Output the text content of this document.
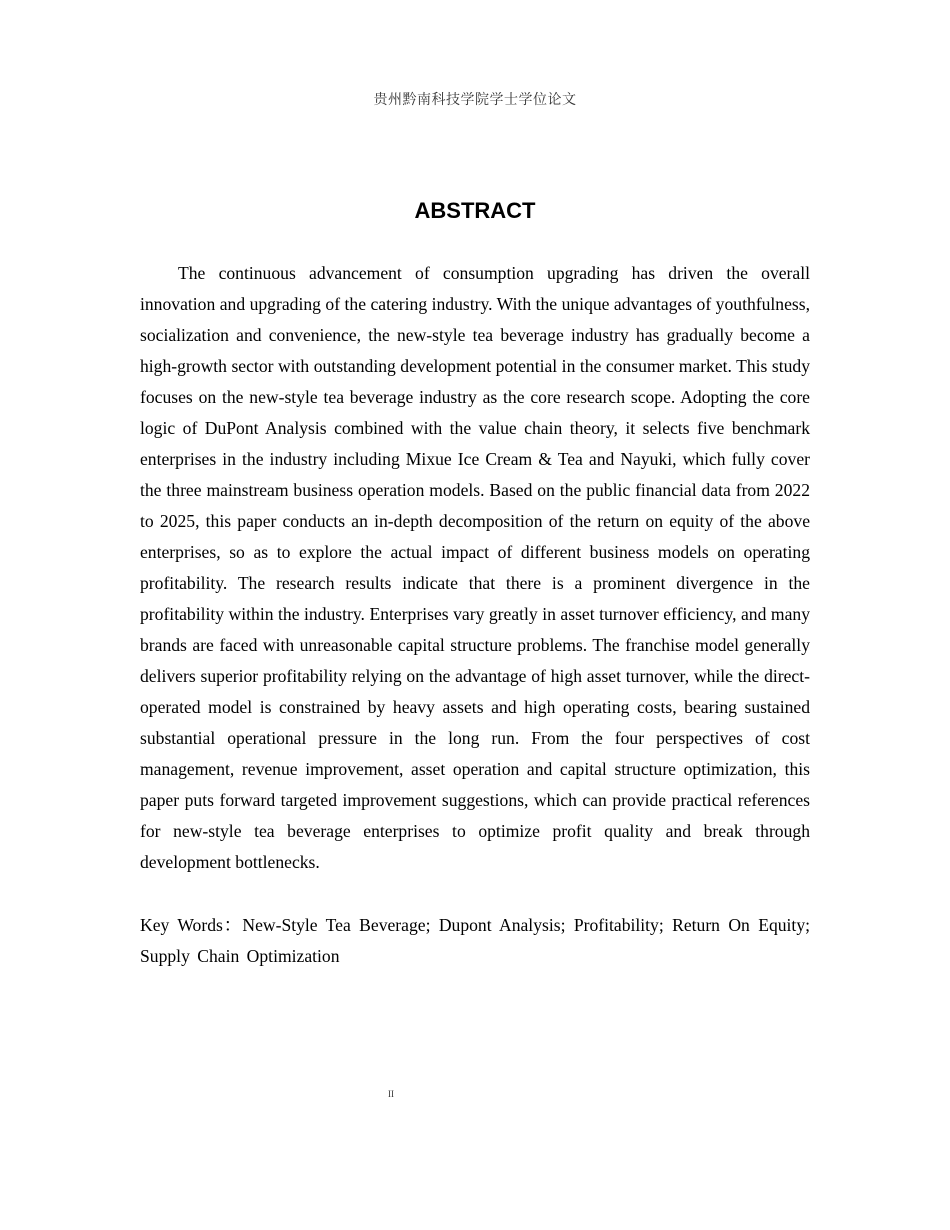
贵州黔南科技学院学士学位论文
ABSTRACT

The continuous advancement of consumption upgrading has driven the overall innovation and upgrading of the catering industry. With the unique advantages of youthfulness, socialization and convenience, the new-style tea beverage industry has gradually become a high-growth sector with outstanding development potential in the consumer market. This study focuses on the new-style tea beverage industry as the core research scope. Adopting the core logic of DuPont Analysis combined with the value chain theory, it selects five benchmark enterprises in the industry including Mixue Ice Cream & Tea and Nayuki, which fully cover the three mainstream business operation models. Based on the public financial data from 2022 to 2025, this paper conducts an in-depth decomposition of the return on equity of the above enterprises, so as to explore the actual impact of different business models on operating profitability. The research results indicate that there is a prominent divergence in the profitability within the industry. Enterprises vary greatly in asset turnover efficiency, and many brands are faced with unreasonable capital structure problems. The franchise model generally delivers superior profitability relying on the advantage of high asset turnover, while the direct-operated model is constrained by heavy assets and high operating costs, bearing sustained substantial operational pressure in the long run. From the four perspectives of cost management, revenue improvement, asset operation and capital structure optimization, this paper puts forward targeted improvement suggestions, which can provide practical references for new-style tea beverage enterprises to optimize profit quality and break through development bottlenecks.

Key Words：New-Style Tea Beverage; Dupont Analysis; Profitability; Return On Equity; Supply Chain Optimization

II
